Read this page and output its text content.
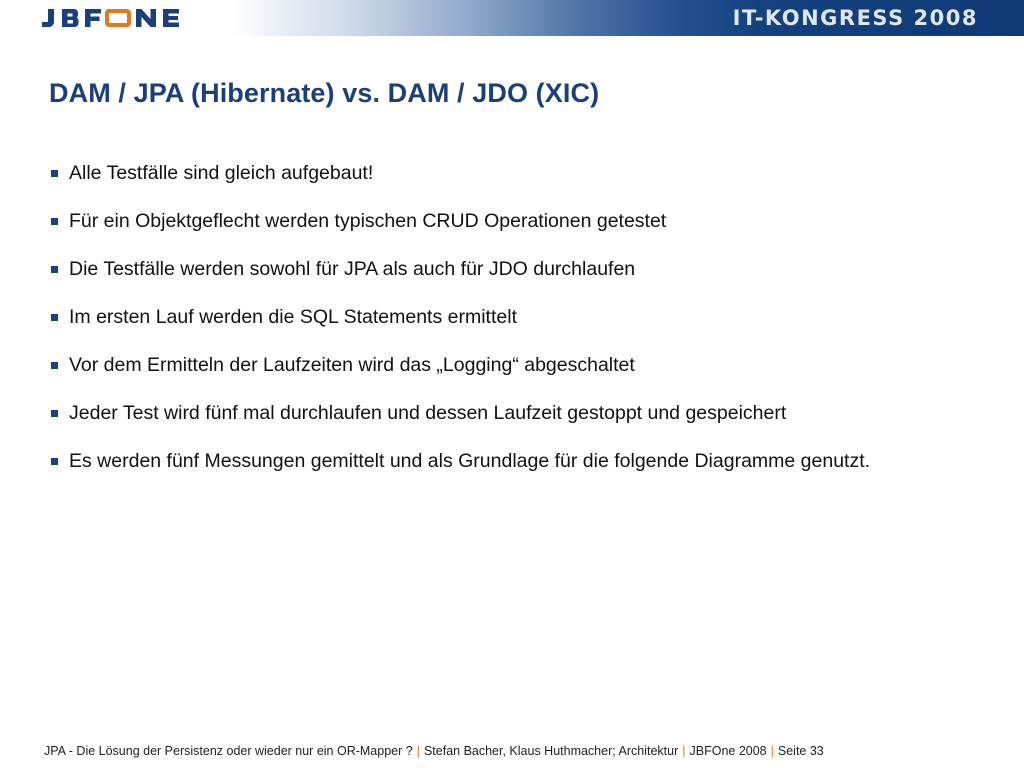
IT-KONGRESS 2008
DAM / JPA (Hibernate) vs. DAM / JDO (XIC)
Alle Testfälle sind gleich aufgebaut!
Für ein Objektgeflecht werden typischen CRUD Operationen getestet
Die Testfälle werden sowohl für JPA als auch für JDO durchlaufen
Im ersten Lauf werden die SQL Statements ermittelt
Vor dem Ermitteln der Laufzeiten wird das „Logging“ abgeschaltet
Jeder Test wird fünf mal durchlaufen und dessen Laufzeit gestoppt und gespeichert
Es werden fünf Messungen gemittelt und als Grundlage für die folgende Diagramme genutzt.
JPA - Die Lösung der Persistenz oder wieder nur ein OR-Mapper ? | Stefan Bacher, Klaus Huthmacher; Architektur | JBFOne 2008 | Seite 33
